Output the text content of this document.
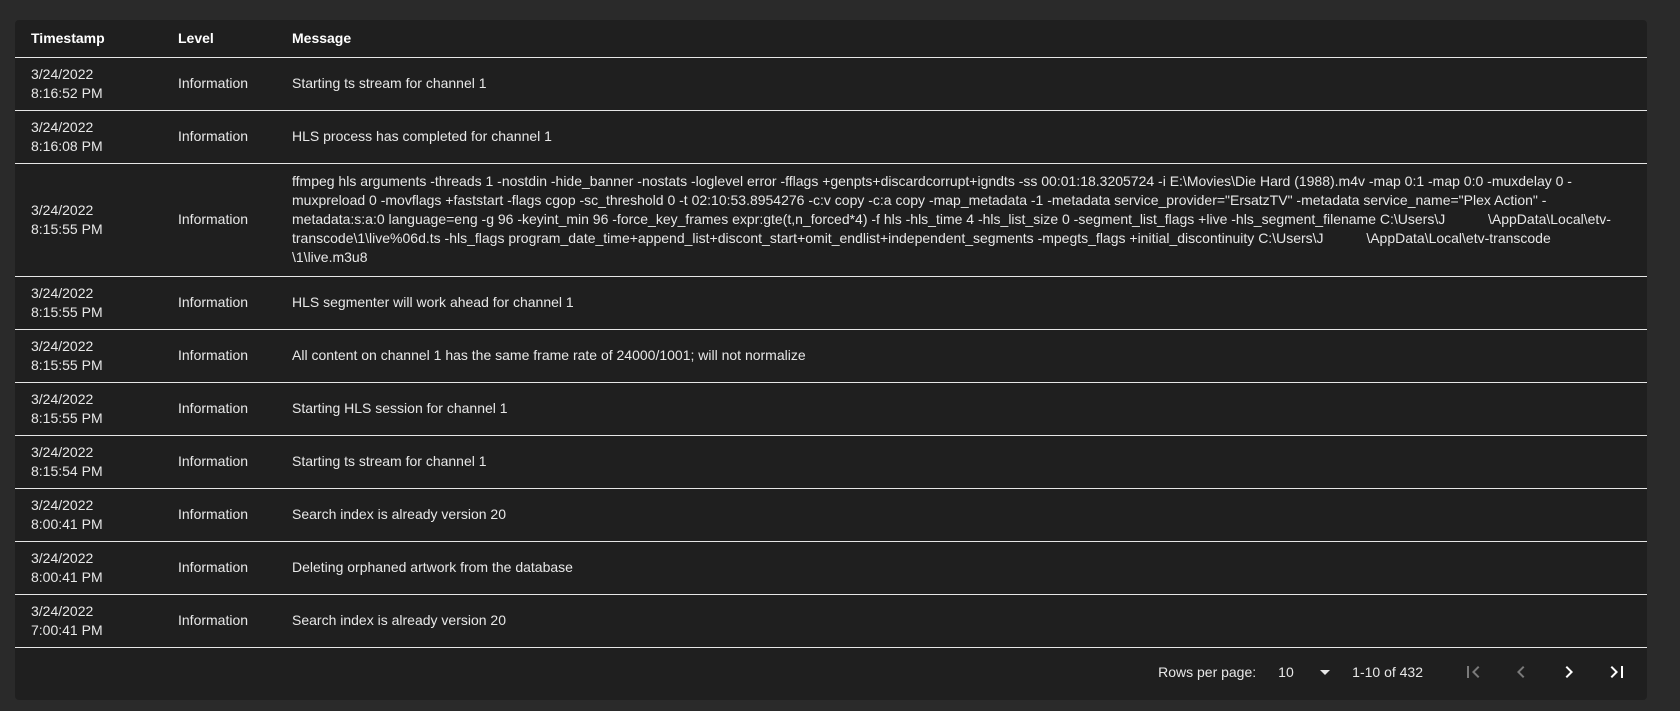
Timestamp	Level	Message

3/24/2022
8:16:52 PM	Information	Starting ts stream for channel 1

3/24/2022
8:16:08 PM	Information	HLS process has completed for channel 1

3/24/2022
8:15:55 PM	Information	ffmpeg hls arguments -threads 1 -nostdin -hide_banner -nostats -loglevel error -fflags +genpts+discardcorrupt+igndts -ss 00:01:18.3205724 -i E:\Movies\Die Hard (1988).m4v -map 0:1 -map 0:0 -muxdelay 0 -muxpreload 0 -movflags +faststart -flags cgop -sc_threshold 0 -t 02:10:53.8954276 -c:v copy -c:a copy -map_metadata -1 -metadata service_provider="ErsatzTV" -metadata service_name="Plex Action" -metadata:s:a:0 language=eng -g 96 -keyint_min 96 -force_key_frames expr:gte(t,n_forced*4) -f hls -hls_time 4 -hls_list_size 0 -segment_list_flags +live -hls_segment_filename C:\Users\J           \AppData\Local\etv-transcode\1\live%06d.ts -hls_flags program_date_time+append_list+discont_start+omit_endlist+independent_segments -mpegts_flags +initial_discontinuity C:\Users\J           \AppData\Local\etv-transcode \1\live.m3u8

3/24/2022
8:15:55 PM	Information	HLS segmenter will work ahead for channel 1

3/24/2022
8:15:55 PM	Information	All content on channel 1 has the same frame rate of 24000/1001; will not normalize

3/24/2022
8:15:55 PM	Information	Starting HLS session for channel 1

3/24/2022
8:15:54 PM	Information	Starting ts stream for channel 1

3/24/2022
8:00:41 PM	Information	Search index is already version 20

3/24/2022
8:00:41 PM	Information	Deleting orphaned artwork from the database

3/24/2022
7:00:41 PM	Information	Search index is already version 20
Rows per page: 10	1-10 of 432
